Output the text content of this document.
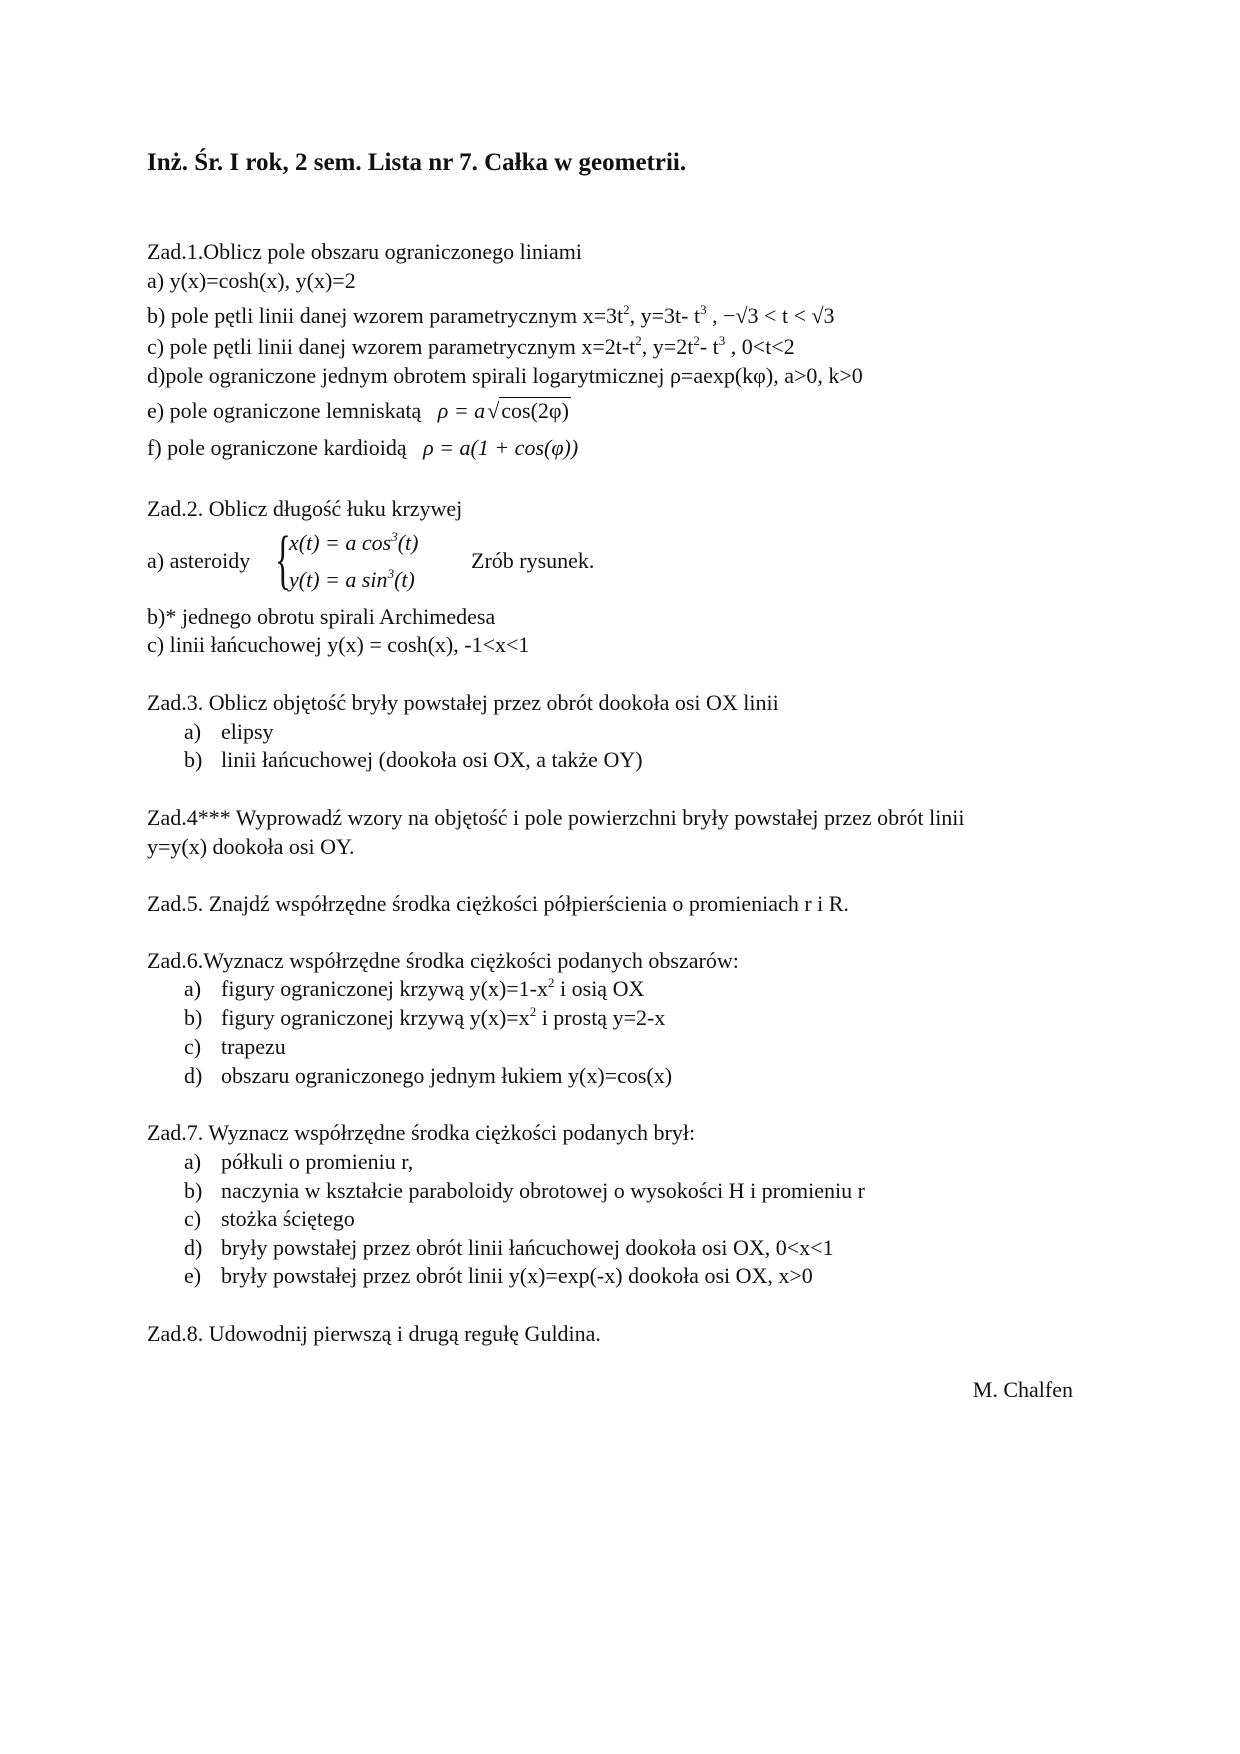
Inż. Śr. I rok, 2 sem. Lista nr 7. Całka w geometrii.
Zad.1.Oblicz pole obszaru ograniczonego liniami
a) y(x)=cosh(x), y(x)=2
b) pole pętli linii danej wzorem parametrycznym $x=3t^2$, y=3t- $t^3$ , −√3 < t < √3
c) pole pętli linii danej wzorem parametrycznym $x=2t-t^2$, $y=2t^2-$ $t^3$ , 0<t<2
d)pole ograniczone jednym obrotem spirali logarytmicznej ρ=aexp(kφ), a>0, k>0
e) pole ograniczone lemniskatą ρ = a√cos(2φ)
f) pole ograniczone kardioidą ρ = a(1 + cos(φ))
Zad.2. Oblicz długość łuku krzywej
a) asteroidy {
x(t) = a $\cos^3(t)$
y(t) = a $\sin^3(t)$
Zrób rysunek.
b)* jednego obrotu spirali Archimedesa
c) linii łańcuchowej y(x) = cosh(x), -1<x<1
Zad.3. Oblicz objętość bryły powstałej przez obrót dookoła osi OX linii
a) elipsy
b) linii łańcuchowej (dookoła osi OX, a także OY)
Zad.4*** Wyprowadź wzory na objętość i pole powierzchni bryły powstałej przez obrót linii
y=y(x) dookoła osi OY.
Zad.5. Znajdź współrzędne środka ciężkości półpierścienia o promieniach r i R.
Zad.6.Wyznacz współrzędne środka ciężkości podanych obszarów:
a) figury ograniczonej krzywą $y(x)=1-x^2$ i osią OX
b) figury ograniczonej krzywą $y(x)=x^2$ i prostą y=2-x
c) trapezu
d) obszaru ograniczonego jednym łukiem y(x)=cos(x)
Zad.7. Wyznacz współrzędne środka ciężkości podanych brył:
a) półkuli o promieniu r,
b) naczynia w kształcie paraboloidy obrotowej o wysokości H i promieniu r
c) stożka ściętego
d) bryły powstałej przez obrót linii łańcuchowej dookoła osi OX, 0<x<1
e) bryły powstałej przez obrót linii y(x)=exp(-x) dookoła osi OX, x>0
Zad.8. Udowodnij pierwszą i drugą regułę Guldina.
M. Chalfen
